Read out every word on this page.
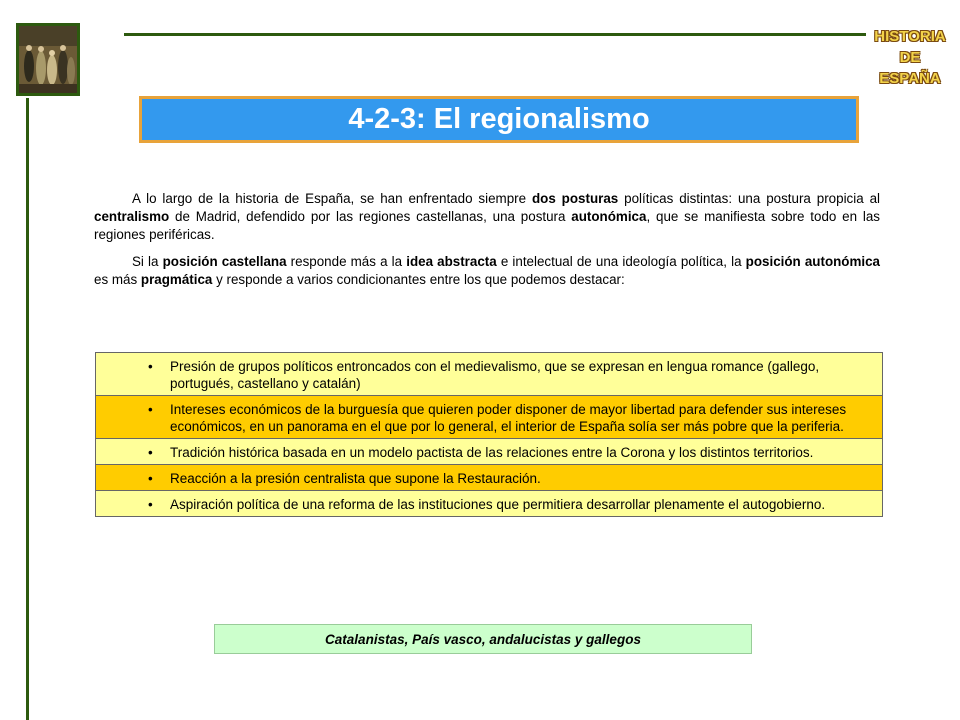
HISTORIA
DE
ESPAÑA
4-2-3: El regionalismo

A lo largo de la historia de España, se han enfrentado siempre dos posturas políticas distintas: una postura propicia al centralismo de Madrid, defendido por las regiones castellanas, una postura autonómica, que se manifiesta sobre todo en las regiones periféricas.

Si la posición castellana responde más a la idea abstracta e intelectual de una ideología política, la posición autonómica es más pragmática y responde a varios condicionantes entre los que podemos destacar:

• Presión de grupos políticos entroncados con el medievalismo, que se expresan en lengua romance (gallego, portugués, castellano y catalán)
• Intereses económicos de la burguesía que quieren poder disponer de mayor libertad para defender sus intereses económicos, en un panorama en el que por lo general, el interior de España solía ser más pobre que la periferia.
• Tradición histórica basada en un modelo pactista de las relaciones entre la Corona y los distintos territorios.
• Reacción a la presión centralista que supone la Restauración.
• Aspiración política de una reforma de las instituciones que permitiera desarrollar plenamente el autogobierno.
Catalanistas, País vasco, andalucistas y gallegos
